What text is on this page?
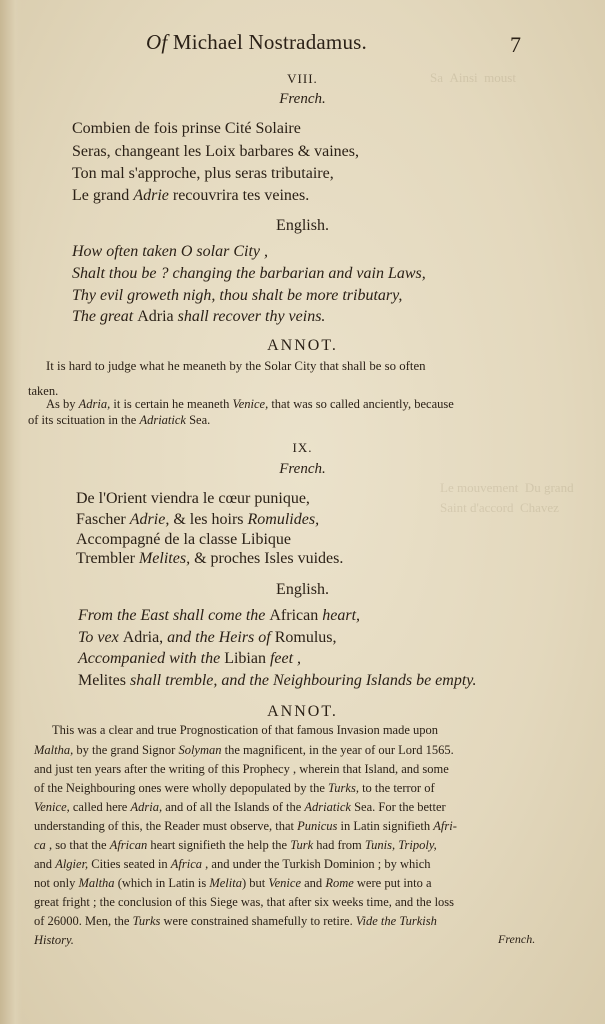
Sa  Ainsi  moust
Le mouvement  Du grand
Saint d'accord  Chavez
Of Michael Nostradamus.	7
VIII.
French.
Combien de fois prinse Cité Solaire
Seras, changeant les Loix barbares & vaines,
Ton mal s'approche, plus seras tributaire,
Le grand Adrie recouvrira tes veines.
English.
How often taken O solar City ,
Shalt thou be ? changing the barbarian and vain Laws,
Thy evil groweth nigh, thou shalt be more tributary,
The great Adria shall recover thy veins.
ANNOT.
It is hard to judge what he meaneth by the Solar City that shall be so often
taken.
As by Adria, it is certain he meaneth Venice, that was so called anciently, because
of its scituation in the Adriatick Sea.
IX.
French.
De l'Orient viendra le cœur punique,
Fascher Adrie, & les hoirs Romulides,
Accompagné de la classe Libique
Trembler Melites, & proches Isles vuides.
English.
From the East shall come the African heart,
To vex Adria, and the Heirs of Romulus,
Accompanied with the Libian feet ,
Melites shall tremble, and the Neighbouring Islands be empty.
ANNOT.
This was a clear and true Prognostication of that famous Invasion made upon
Maltha, by the grand Signor Solyman the magnificent, in the year of our Lord 1565.
and just ten years after the writing of this Prophecy , wherein that Island, and some
of the Neighbouring ones were wholly depopulated by the Turks, to the terror of
Venice, called here Adria, and of all the Islands of the Adriatick Sea. For the better
understanding of this, the Reader must observe, that Punicus in Latin signifieth Afri-
ca , so that the African heart signifieth the help the Turk had from Tunis, Tripoly,
and Algier, Cities seated in Africa , and under the Turkish Dominion ; by which
not only Maltha (which in Latin is Melita) but Venice and Rome were put into a
great fright ; the conclusion of this Siege was, that after six weeks time, and the loss
of 26000. Men, the Turks were constrained shamefully to retire. Vide the Turkish
History.	French.
